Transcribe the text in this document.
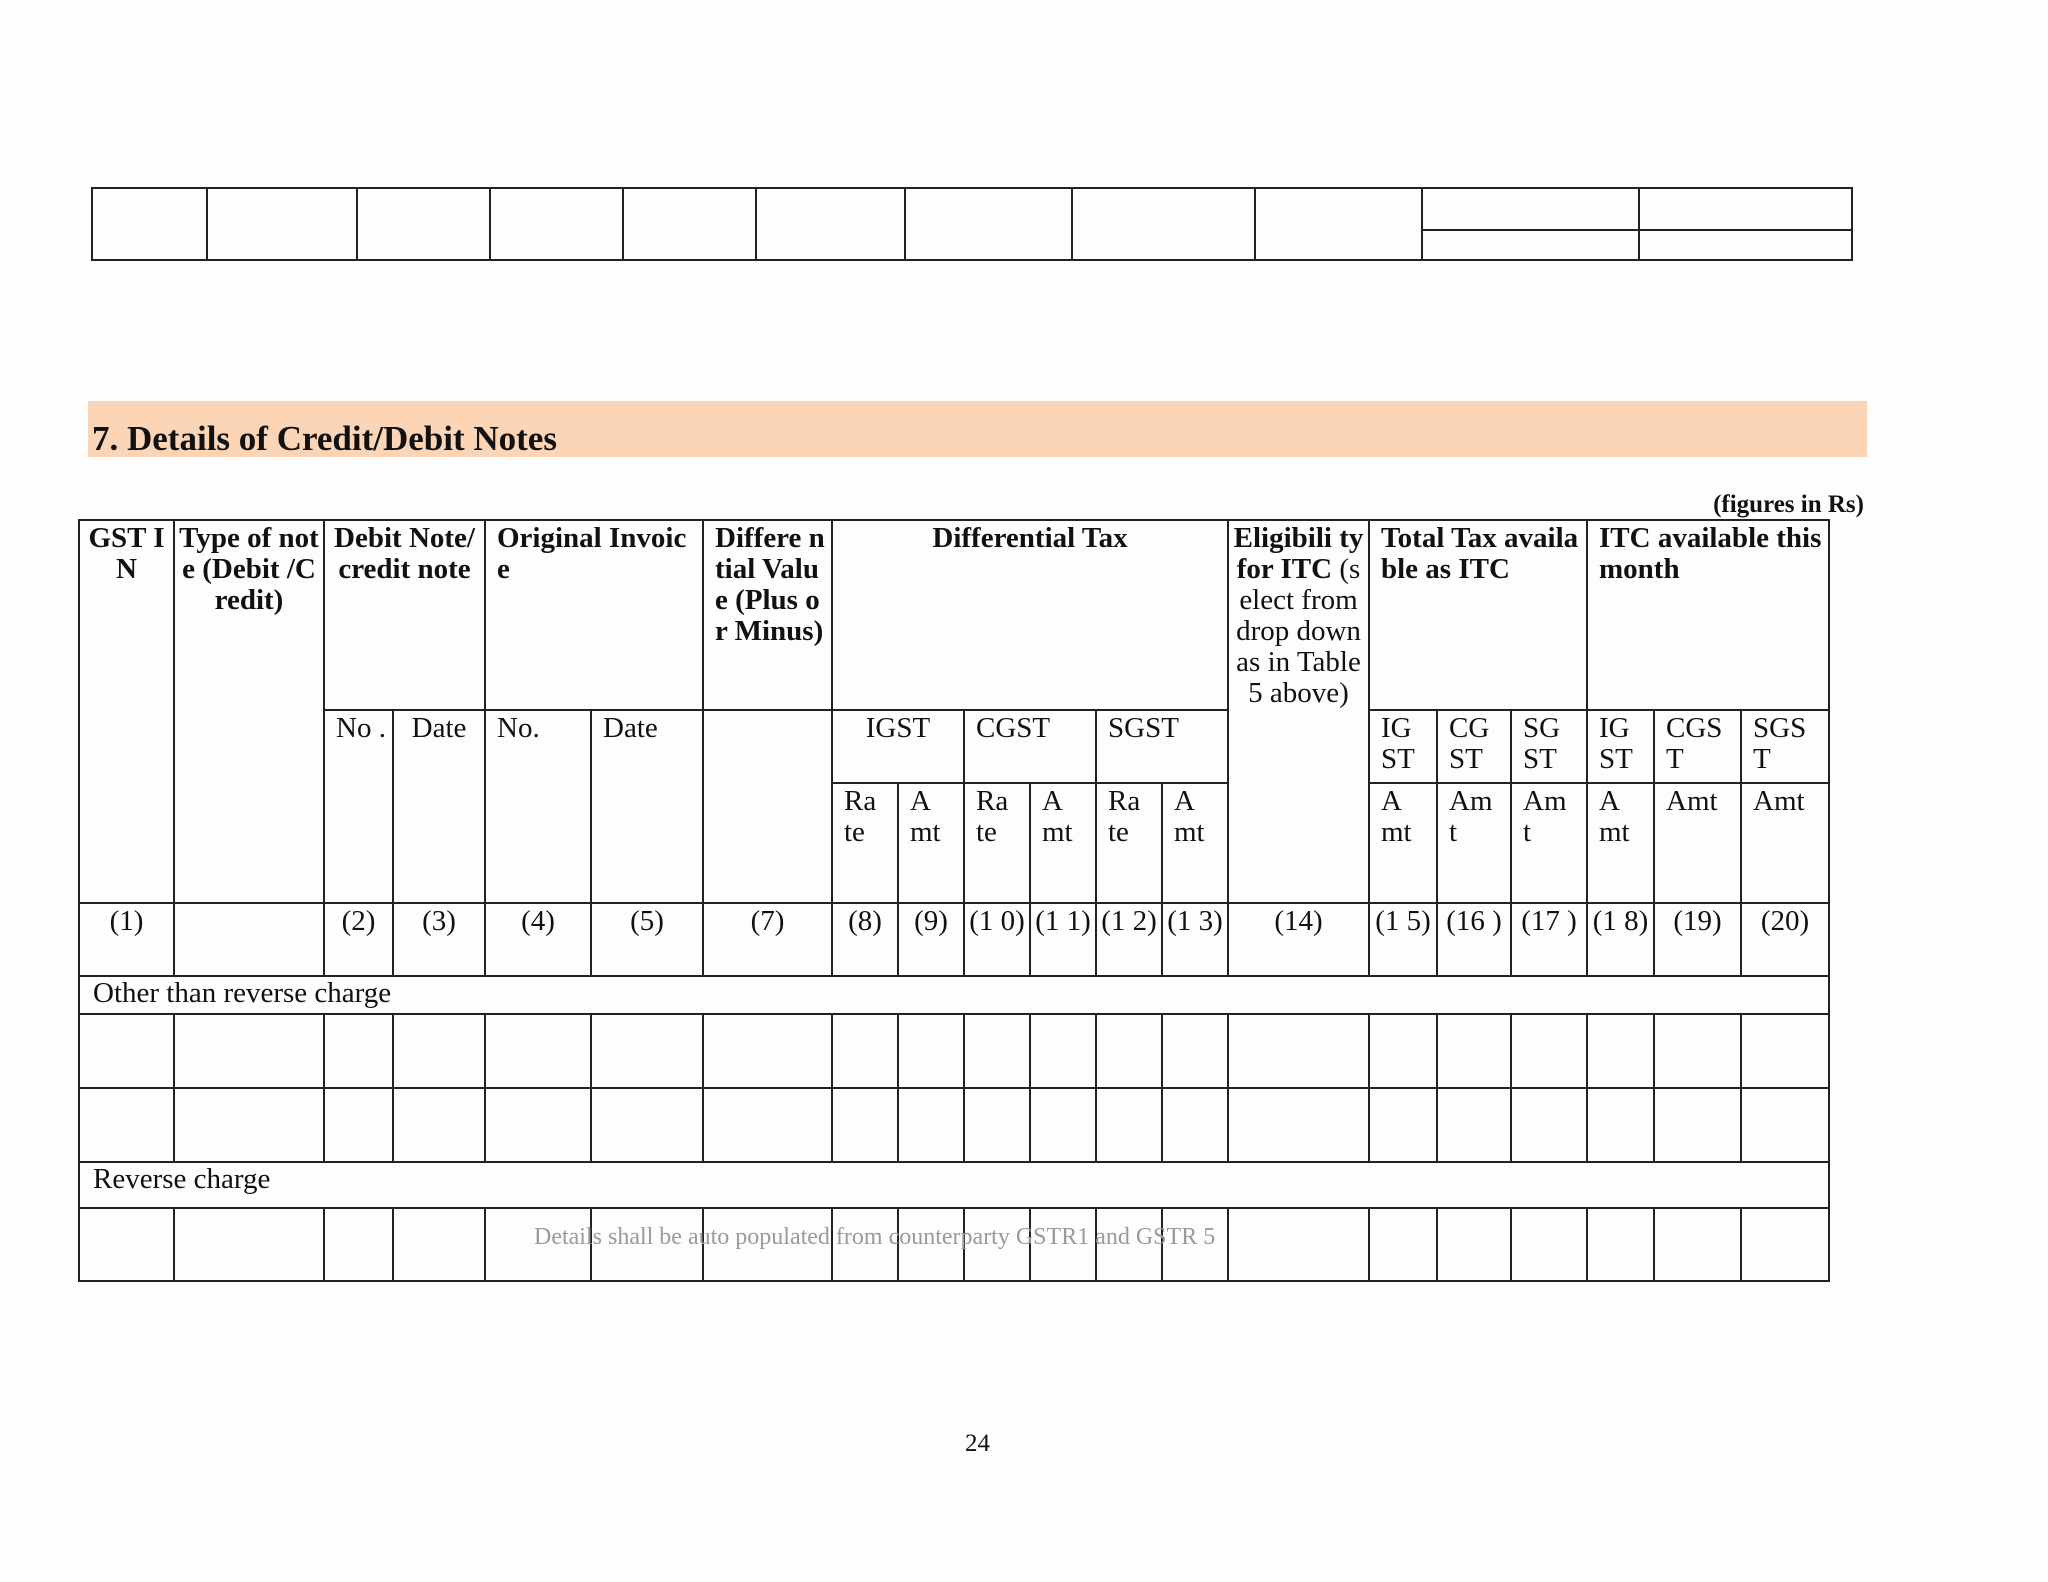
7. Details of Credit/Debit Notes
(figures in Rs)
GST IN	Type of note (Debit /Credit)	Debit Note/ credit note		Original Invoice		Differe ntial Value (Plus or Minus)	Differential Tax						Eligibili ty for ITC (select from drop down as in Table 5 above)	Total Tax available as ITC			ITC available this month		
		No .	Date	No.	Date		IGST		CGST		SGST			IG ST	CG ST	SG ST	IG ST	CGS T	SGS T
							Ra te	A mt	Ra te	A mt	Ra te	A mt		A mt	Am t	Am t	A mt	Amt	Amt
(1)		(2)	(3)	(4)	(5)	(7)	(8)	(9)	(1 0)	(1 1)	(1 2)	(1 3)	(14)	(1 5)	(16 )	(17 )	(1 8)	(19)	(20)
Other than reverse charge																			

Reverse charge																			

Details shall be auto populated from counterparty GSTR1 and GSTR 5
24
